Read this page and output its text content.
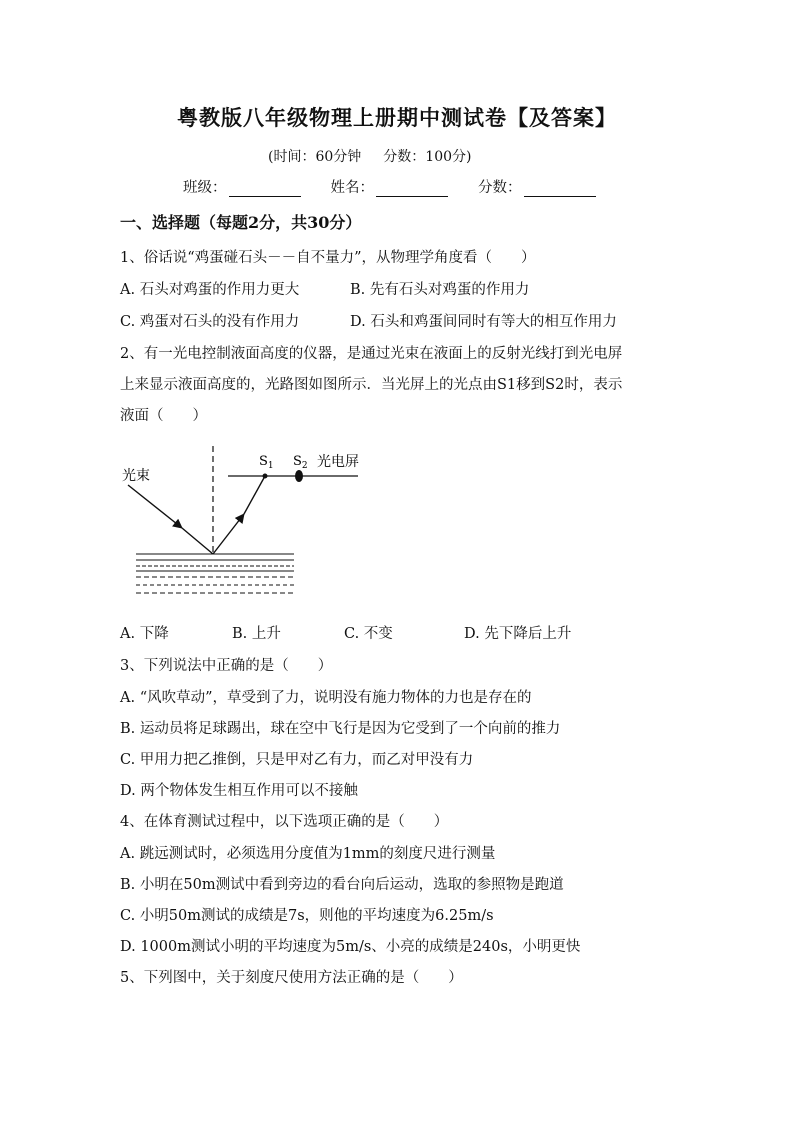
粤教版八年级物理上册期中测试卷【及答案】
(时间：60分钟 分数：100分)
班级：	姓名：	分数：
一、选择题（每题2分，共30分）
1、俗话说“鸡蛋碰石头－－自不量力”，从物理学角度看（　　）
A. 石头对鸡蛋的作用力更大	B. 先有石头对鸡蛋的作用力
C. 鸡蛋对石头的没有作用力	D. 石头和鸡蛋间同时有等大的相互作用力
2、有一光电控制液面高度的仪器，是通过光束在液面上的反射光线打到光电屏
上来显示液面高度的，光路图如图所示．当光屏上的光点由S1移到S2时，表示
液面（　　）
$S_1$ $S_2$ 光电屏
光束
A. 下降	B. 上升	C. 不变	D. 先下降后上升
3、下列说法中正确的是（　　）
A. “风吹草动”，草受到了力，说明没有施力物体的力也是存在的
B. 运动员将足球踢出，球在空中飞行是因为它受到了一个向前的推力
C. 甲用力把乙推倒，只是甲对乙有力，而乙对甲没有力
D. 两个物体发生相互作用可以不接触
4、在体育测试过程中，以下选项正确的是（　　）
A. 跳远测试时，必须选用分度值为1mm的刻度尺进行测量
B. 小明在50m测试中看到旁边的看台向后运动，选取的参照物是跑道
C. 小明50m测试的成绩是7s，则他的平均速度为6.25m/s
D. 1000m测试小明的平均速度为5m/s、小亮的成绩是240s，小明更快
5、下列图中，关于刻度尺使用方法正确的是（　　）
